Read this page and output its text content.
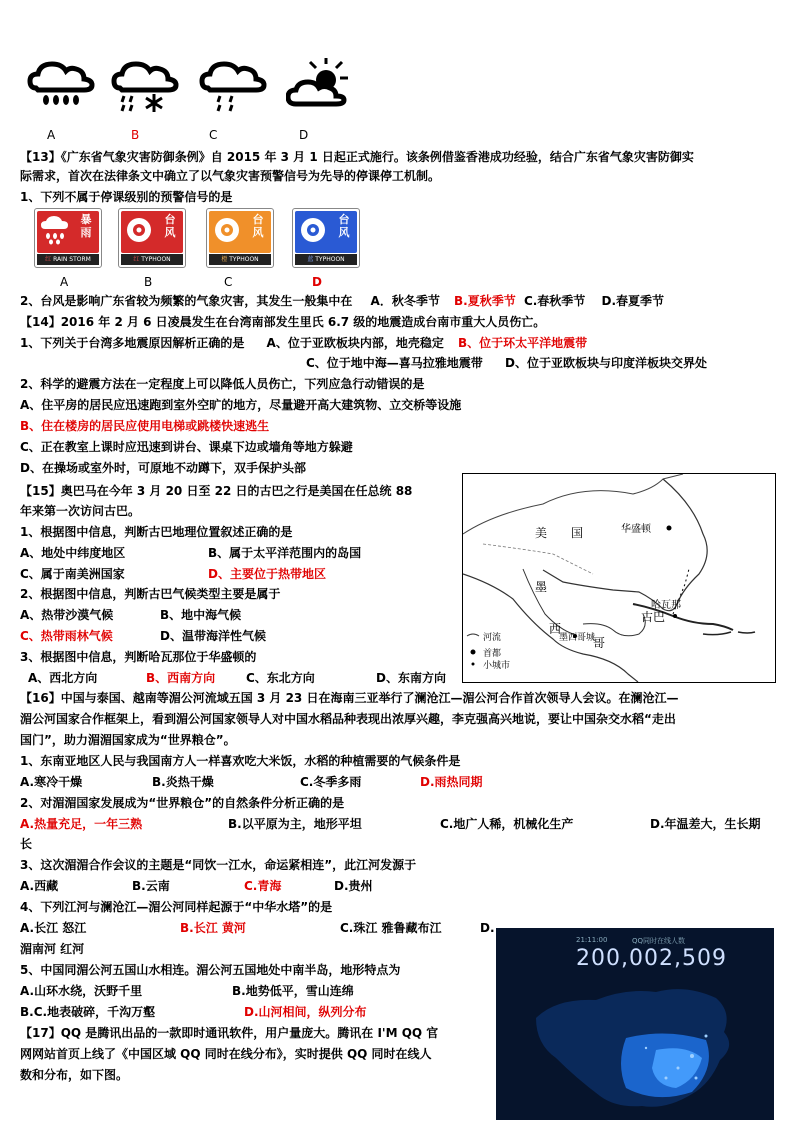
A	B	C	D
【13】《广东省气象灾害防御条例》自 2015 年 3 月 1 日起正式施行。该条例借鉴香港成功经验，结合广东省气象灾害防御实
际需求，首次在法律条文中确立了以气象灾害预警信号为先导的停课停工机制。
1、下列不属于停课级别的预警信号的是
暴
雨
红 RAIN STORM
台
风
红 TYPHOON
台
风
橙 TYPHOON
台
风
蓝 TYPHOON
A	B	C	D
2、台风是影响广东省较为频繁的气象灾害，其发生一般集中在 A．秋冬季节 B.夏秋季节 C.春秋季节 D.春夏季节
【14】2016 年 2 月 6 日凌晨发生在台湾南部发生里氏 6.7 级的地震造成台南市重大人员伤亡。
1、下列关于台湾多地震原因解析正确的是 A、位于亚欧板块内部，地壳稳定 B、位于环太平洋地震带
C、位于地中海—喜马拉雅地震带 D、位于亚欧板块与印度洋板块交界处
2、科学的避震方法在一定程度上可以降低人员伤亡，下列应急行动错误的是
A、住平房的居民应迅速跑到室外空旷的地方，尽量避开高大建筑物、立交桥等设施
B、住在楼房的居民应使用电梯或跳楼快速逃生
C、正在教室上课时应迅速到讲台、课桌下边或墙角等地方躲避
D、在操场或室外时，可原地不动蹲下，双手保护头部
【15】奥巴马在今年 3 月 20 日至 22 日的古巴之行是美国在任总统 88
年来第一次访问古巴。
1、根据图中信息，判断古巴地理位置叙述正确的是
A、地处中纬度地区	B、属于太平洋范围内的岛国
C、属于南美洲国家	D、主要位于热带地区
2、根据图中信息，判断古巴气候类型主要是属于
A、热带沙漠气候	B、地中海气候
C、热带雨林气候	D、温带海洋性气候
3、根据图中信息，判断哈瓦那位于华盛顿的
A、西北方向	B、西南方向	C、东北方向	D、东南方向
美　　国	华盛顿
哈瓦那
古巴
墨
西
哥
墨西哥城
河流
首都
小城市
【16】中国与泰国、越南等湄公河流域五国 3 月 23 日在海南三亚举行了澜沧江—湄公河合作首次领导人会议。在澜沧江—
湄公河国家合作框架上，看到湄公河国家领导人对中国水稻品种表现出浓厚兴趣，李克强高兴地说，要让中国杂交水稻“走出
国门”，助力湄湄国家成为“世界粮仓”。
1、东南亚地区人民与我国南方人一样喜欢吃大米饭，水稻的种植需要的气候条件是
A.寒冷干燥	B.炎热干燥	C.冬季多雨	D.雨热同期
2、对湄湄国家发展成为“世界粮仓”的自然条件分析正确的是
A.热量充足，一年三熟	B.以平原为主，地形平坦	C.地广人稀，机械化生产	D.年温差大，生长期
长
3、这次湄湄合作会议的主题是“同饮一江水，命运紧相连”，此江河发源于
A.西藏	B.云南	C.青海	D.贵州
4、下列江河与澜沧江—湄公河同样起源于“中华水塔”的是
A.长江 怒江	B.长江 黄河	C.珠江 雅鲁藏布江	D.
湄南河 红河
5、中国同湄公河五国山水相连。湄公河五国地处中南半岛，地形特点为
A.山环水绕，沃野千里	B.地势低平，雪山连绵
B.C.地表破碎，千沟万壑	D.山河相间，纵列分布
【17】QQ 是腾讯出品的一款即时通讯软件，用户量庞大。腾讯在 I'M QQ 官
网网站首页上线了《中国区域 QQ 同时在线分布》，实时提供 QQ 同时在线人
数和分布，如下图。
21:11:00	QQ同时在线人数
200,002,509
